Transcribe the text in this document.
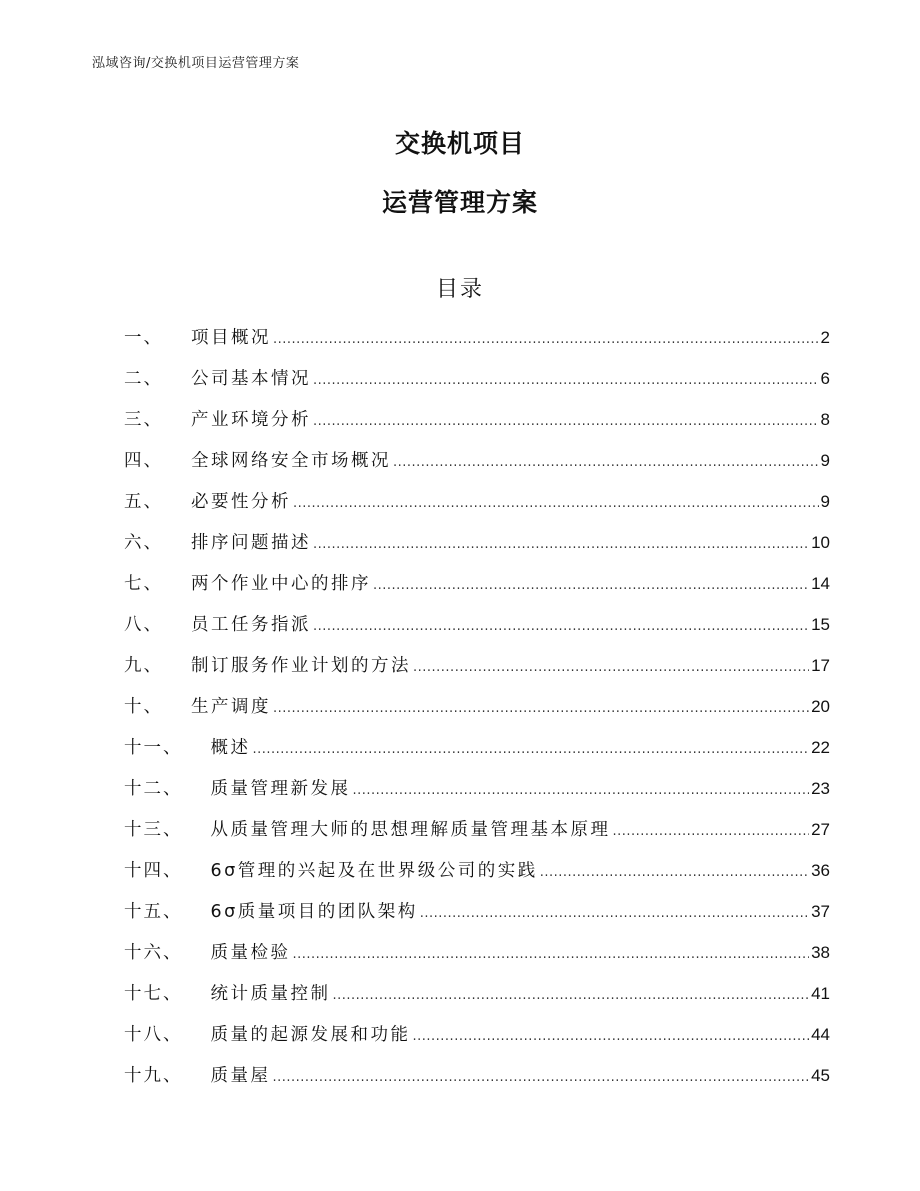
泓域咨询/交换机项目运营管理方案
交换机项目
运营管理方案
目录
一、 项目概况 .....	2
二、 公司基本情况 .....	6
三、 产业环境分析 .....	8
四、 全球网络安全市场概况 .....	9
五、 必要性分析 .....	9
六、 排序问题描述 .....	10
七、 两个作业中心的排序 .....	14
八、 员工任务指派 .....	15
九、 制订服务作业计划的方法 .....	17
十、 生产调度 .....	20
十一、 概述 .....	22
十二、 质量管理新发展 .....	23
十三、 从质量管理大师的思想理解质量管理基本原理 .....	27
十四、 6σ管理的兴起及在世界级公司的实践 .....	36
十五、 6σ质量项目的团队架构 .....	37
十六、 质量检验 .....	38
十七、 统计质量控制 .....	41
十八、 质量的起源发展和功能 .....	44
十九、 质量屋 .....	45
